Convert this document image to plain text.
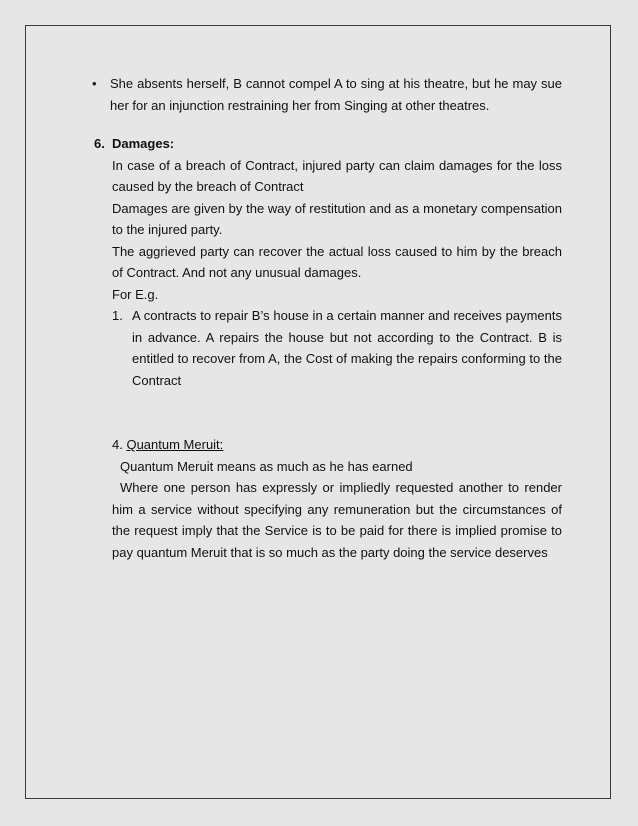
•	She absents herself, B cannot compel A to sing at his theatre, but he may sue her for an injunction restraining her from Singing at other theatres.
6. Damages:
In case of a breach of Contract, injured party can claim damages for the loss caused by the breach of Contract
Damages are given by the way of restitution and as a monetary compensation to the injured party.
The aggrieved party can recover the actual loss caused to him by the breach of Contract. And not any unusual damages.
For E.g.
1. A contracts to repair B’s house in a certain manner and receives payments in advance. A repairs the house but not according to the Contract. B is entitled to recover from A, the Cost of making the repairs conforming to the Contract
4. Quantum Meruit:
Quantum Meruit means as much as he has earned
Where one person has expressly or impliedly requested another to render him a service without specifying any remuneration but the circumstances of the request imply that the Service is to be paid for there is implied promise to pay quantum Meruit that is so much as the party doing the service deserves
